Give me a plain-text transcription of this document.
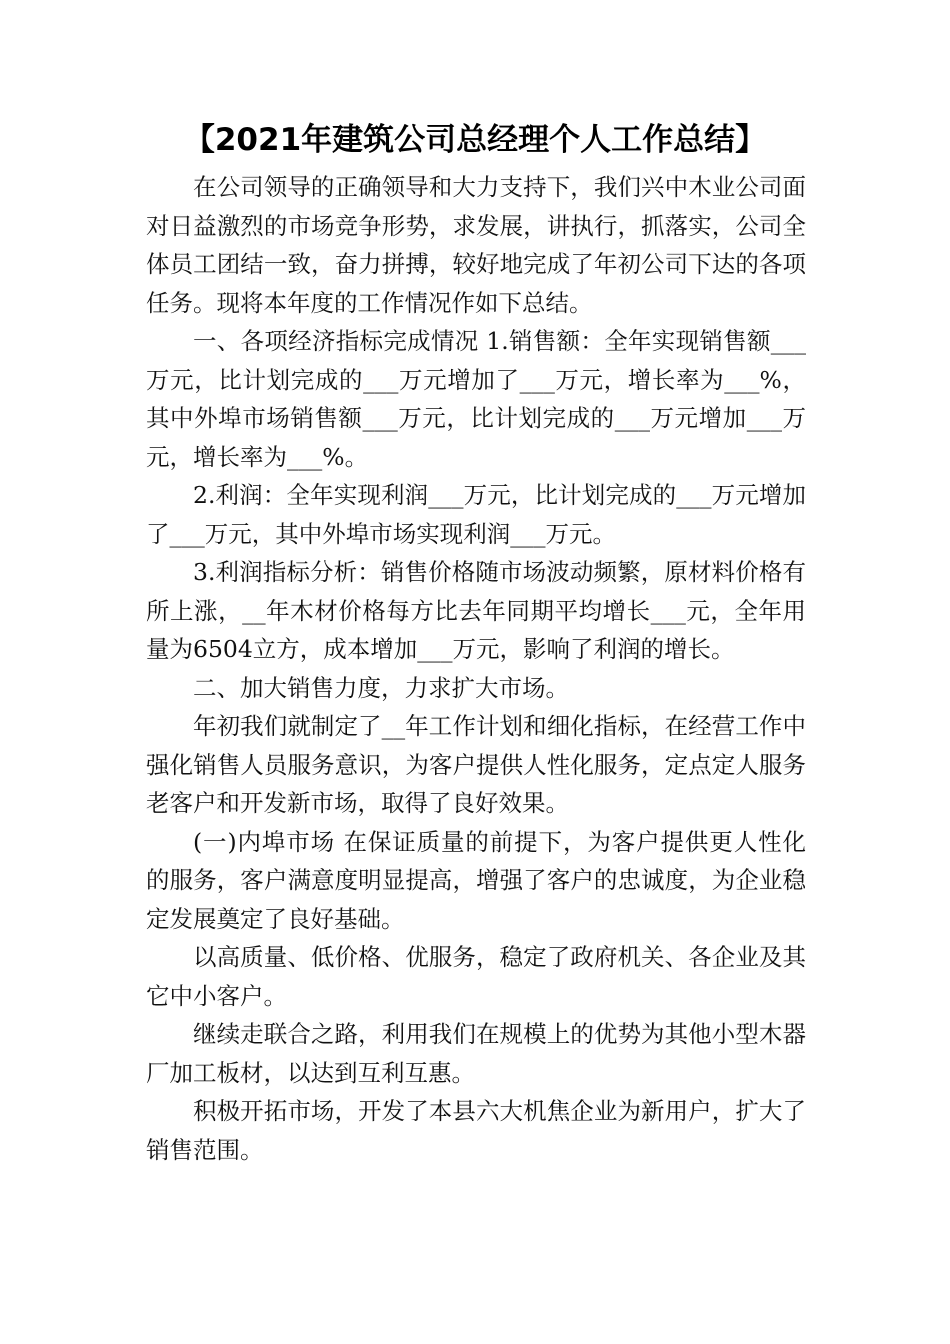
【2021年建筑公司总经理个人工作总结】

在公司领导的正确领导和大力支持下，我们兴中木业公司面对日益激烈的市场竞争形势，求发展，讲执行，抓落实，公司全体员工团结一致，奋力拼搏，较好地完成了年初公司下达的各项任务。现将本年度的工作情况作如下总结。

一、各项经济指标完成情况 1.销售额：全年实现销售额___万元，比计划完成的___万元增加了___万元，增长率为___%，其中外埠市场销售额___万元，比计划完成的___万元增加___万元，增长率为___%。

2.利润：全年实现利润___万元，比计划完成的___万元增加了___万元，其中外埠市场实现利润___万元。

3.利润指标分析：销售价格随市场波动频繁，原材料价格有所上涨，__年木材价格每方比去年同期平均增长___元，全年用量为6504立方，成本增加___万元，影响了利润的增长。

二、加大销售力度，力求扩大市场。

年初我们就制定了__年工作计划和细化指标，在经营工作中强化销售人员服务意识，为客户提供人性化服务，定点定人服务老客户和开发新市场，取得了良好效果。

(一)内埠市场 在保证质量的前提下，为客户提供更人性化的服务，客户满意度明显提高，增强了客户的忠诚度，为企业稳定发展奠定了良好基础。

以高质量、低价格、优服务，稳定了政府机关、各企业及其它中小客户。

继续走联合之路，利用我们在规模上的优势为其他小型木器厂加工板材，以达到互利互惠。

积极开拓市场，开发了本县六大机焦企业为新用户，扩大了销售范围。
